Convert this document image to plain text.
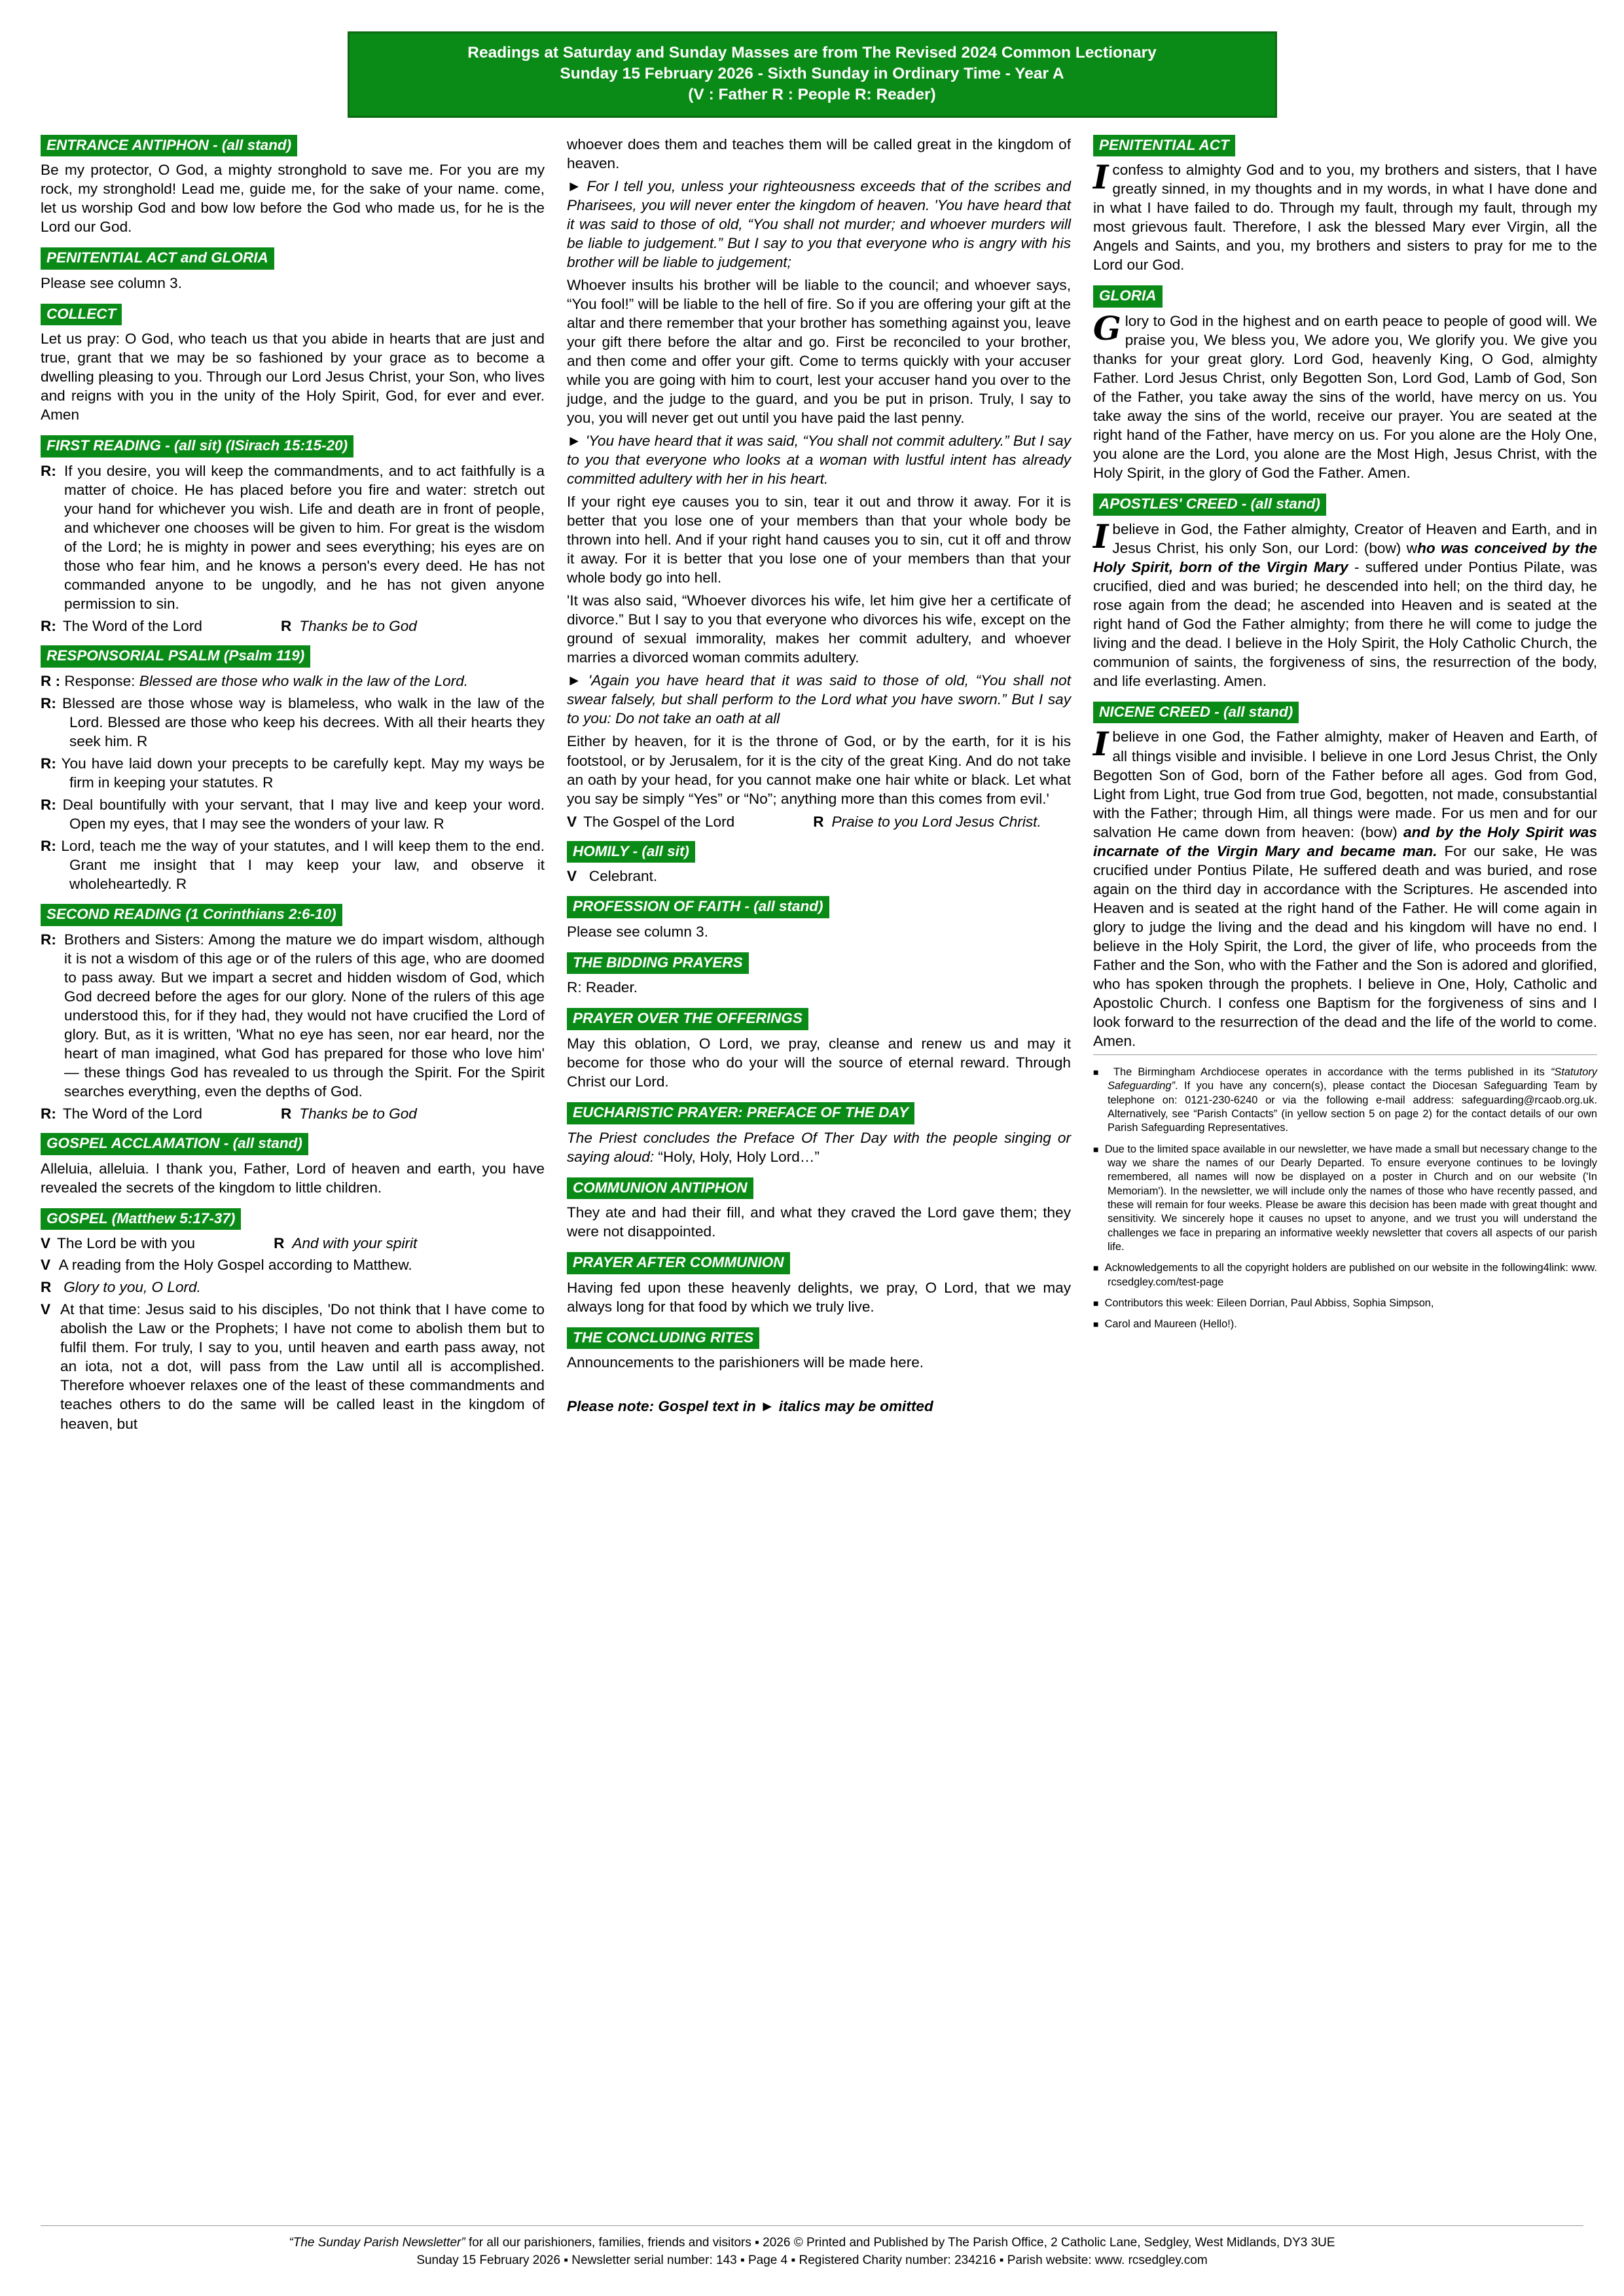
Readings at Saturday and Sunday Masses are from The Revised 2024 Common Lectionary
Sunday 15 February 2026 - Sixth Sunday in Ordinary Time - Year A
(V : Father R : People R: Reader)
ENTRANCE ANTIPHON - (all stand)

Be my protector, O God, a mighty stronghold to save me. For you are my rock, my stronghold! Lead me, guide me, for the sake of your name. come, let us worship God and bow low before the God who made us, for he is the Lord our God.

PENITENTIAL ACT and GLORIA

Please see column 3.

COLLECT

Let us pray: O God, who teach us that you abide in hearts that are just and true, grant that we may be so fashioned by your grace as to become a dwelling pleasing to you. Through our Lord Jesus Christ, your Son, who lives and reigns with you in the unity of the Holy Spirit, God, for ever and ever. Amen

FIRST READING - (all sit) (ISirach 15:15-20)
R: If you desire, you will keep the commandments, and to act faithfully is a matter of choice. He has placed before you fire and water: stretch out your hand for whichever you wish. Life and death are in front of people, and whichever one chooses will be given to him. For great is the wisdom of the Lord; he is mighty in power and sees everything; his eyes are on those who fear him, and he knows a person's every deed. He has not commanded anyone to be ungodly, and he has not given anyone permission to sin.
R: The Word of the Lord	R Thanks be to God
RESPONSORIAL PSALM (Psalm 119)
R : Response: Blessed are those who walk in the law of the Lord.
R: Blessed are those whose way is blameless, who walk in the law of the Lord. Blessed are those who keep his decrees. With all their hearts they seek him. R
R: You have laid down your precepts to be carefully kept. May my ways be firm in keeping your statutes. R
R: Deal bountifully with your servant, that I may live and keep your word. Open my eyes, that I may see the wonders of your law. R
R: Lord, teach me the way of your statutes, and I will keep them to the end. Grant me insight that I may keep your law, and observe it wholeheartedly. R
SECOND READING (1 Corinthians 2:6-10)
R: Brothers and Sisters: Among the mature we do impart wisdom, although it is not a wisdom of this age or of the rulers of this age, who are doomed to pass away. But we impart a secret and hidden wisdom of God, which God decreed before the ages for our glory. None of the rulers of this age understood this, for if they had, they would not have crucified the Lord of glory. But, as it is written, 'What no eye has seen, nor ear heard, nor the heart of man imagined, what God has prepared for those who love him' — these things God has revealed to us through the Spirit. For the Spirit searches everything, even the depths of God.
R: The Word of the Lord	R Thanks be to God
GOSPEL ACCLAMATION - (all stand)

Alleluia, alleluia. I thank you, Father, Lord of heaven and earth, you have revealed the secrets of the kingdom to little children.

GOSPEL (Matthew 5:17-37)
V The Lord be with you	R And with your spirit
V A reading from the Holy Gospel according to Matthew.
R Glory to you, O Lord.
V At that time: Jesus said to his disciples, 'Do not think that I have come to abolish the Law or the Prophets; I have not come to abolish them but to fulfil them. For truly, I say to you, until heaven and earth pass away, not an iota, not a dot, will pass from the Law until all is accomplished. Therefore whoever relaxes one of the least of these commandments and teaches others to do the same will be called least in the kingdom of heaven, but

whoever does them and teaches them will be called great in the kingdom of heaven.

► For I tell you, unless your righteousness exceeds that of the scribes and Pharisees, you will never enter the kingdom of heaven. 'You have heard that it was said to those of old, “You shall not murder; and whoever murders will be liable to judgement.” But I say to you that everyone who is angry with his brother will be liable to judgement;

Whoever insults his brother will be liable to the council; and whoever says, “You fool!” will be liable to the hell of fire. So if you are offering your gift at the altar and there remember that your brother has something against you, leave your gift there before the altar and go. First be reconciled to your brother, and then come and offer your gift. Come to terms quickly with your accuser while you are going with him to court, lest your accuser hand you over to the judge, and the judge to the guard, and you be put in prison. Truly, I say to you, you will never get out until you have paid the last penny.

► 'You have heard that it was said, “You shall not commit adultery.” But I say to you that everyone who looks at a woman with lustful intent has already committed adultery with her in his heart.

If your right eye causes you to sin, tear it out and throw it away. For it is better that you lose one of your members than that your whole body be thrown into hell. And if your right hand causes you to sin, cut it off and throw it away. For it is better that you lose one of your members than that your whole body go into hell.

'It was also said, “Whoever divorces his wife, let him give her a certificate of divorce.” But I say to you that everyone who divorces his wife, except on the ground of sexual immorality, makes her commit adultery, and whoever marries a divorced woman commits adultery.

► 'Again you have heard that it was said to those of old, “You shall not swear falsely, but shall perform to the Lord what you have sworn.” But I say to you: Do not take an oath at all

Either by heaven, for it is the throne of God, or by the earth, for it is his footstool, or by Jerusalem, for it is the city of the great King. And do not take an oath by your head, for you cannot make one hair white or black. Let what you say be simply “Yes” or “No”; anything more than this comes from evil.'

V The Gospel of the Lord	R Praise to you Lord Jesus Christ.
HOMILY - (all sit)
V Celebrant.
PROFESSION OF FAITH - (all stand)

Please see column 3.

THE BIDDING PRAYERS

R: Reader.

PRAYER OVER THE OFFERINGS

May this oblation, O Lord, we pray, cleanse and renew us and may it become for those who do your will the source of eternal reward. Through Christ our Lord.

EUCHARISTIC PRAYER: PREFACE OF THE DAY

The Priest concludes the Preface Of Ther Day with the people singing or saying aloud: “Holy, Holy, Holy Lord…”

COMMUNION ANTIPHON

They ate and had their fill, and what they craved the Lord gave them; they were not disappointed.

PRAYER AFTER COMMUNION

Having fed upon these heavenly delights, we pray, O Lord, that we may always long for that food by which we truly live.

THE CONCLUDING RITES

Announcements to the parishioners will be made here.

Please note: Gospel text in ► italics may be omitted
PENITENTIAL ACT
Iconfess to almighty God and to you, my brothers and sisters, that I have greatly sinned, in my thoughts and in my words, in what I have done and in what I have failed to do. Through my fault, through my fault, through my most grievous fault. Therefore, I ask the blessed Mary ever Virgin, all the Angels and Saints, and you, my brothers and sisters to pray for me to the Lord our God.
GLORIA
Glory to God in the highest and on earth peace to people of good will. We praise you, We bless you, We adore you, We glorify you. We give you thanks for your great glory. Lord God, heavenly King, O God, almighty Father. Lord Jesus Christ, only Begotten Son, Lord God, Lamb of God, Son of the Father, you take away the sins of the world, have mercy on us. You take away the sins of the world, receive our prayer. You are seated at the right hand of the Father, have mercy on us. For you alone are the Holy One, you alone are the Lord, you alone are the Most High, Jesus Christ, with the Holy Spirit, in the glory of God the Father. Amen.
APOSTLES' CREED - (all stand)
Ibelieve in God, the Father almighty, Creator of Heaven and Earth, and in Jesus Christ, his only Son, our Lord: (bow) who was conceived by the Holy Spirit, born of the Virgin Mary - suffered under Pontius Pilate, was crucified, died and was buried; he descended into hell; on the third day, he rose again from the dead; he ascended into Heaven and is seated at the right hand of God the Father almighty; from there he will come to judge the living and the dead. I believe in the Holy Spirit, the Holy Catholic Church, the communion of saints, the forgiveness of sins, the resurrection of the body, and life everlasting. Amen.
NICENE CREED - (all stand)
Ibelieve in one God, the Father almighty, maker of Heaven and Earth, of all things visible and invisible. I believe in one Lord Jesus Christ, the Only Begotten Son of God, born of the Father before all ages. God from God, Light from Light, true God from true God, begotten, not made, consubstantial with the Father; through Him, all things were made. For us men and for our salvation He came down from heaven: (bow) and by the Holy Spirit was incarnate of the Virgin Mary and became man. For our sake, He was crucified under Pontius Pilate, He suffered death and was buried, and rose again on the third day in accordance with the Scriptures. He ascended into Heaven and is seated at the right hand of the Father. He will come again in glory to judge the living and the dead and his kingdom will have no end. I believe in the Holy Spirit, the Lord, the giver of life, who proceeds from the Father and the Son, who with the Father and the Son is adored and glorified, who has spoken through the prophets. I believe in One, Holy, Catholic and Apostolic Church. I confess one Baptism for the forgiveness of sins and I look forward to the resurrection of the dead and the life of the world to come. Amen.
■ The Birmingham Archdiocese operates in accordance with the terms published in its “Statutory Safeguarding”. If you have any concern(s), please contact the Diocesan Safeguarding Team by telephone on: 0121-230-6240 or via the following e-mail address: safeguarding@rcaob.org.uk. Alternatively, see “Parish Contacts” (in yellow section 5 on page 2) for the contact details of our own Parish Safeguarding Representatives.
■ Due to the limited space available in our newsletter, we have made a small but necessary change to the way we share the names of our Dearly Departed. To ensure everyone continues to be lovingly remembered, all names will now be displayed on a poster in Church and on our website ('In Memoriam'). In the newsletter, we will include only the names of those who have recently passed, and these will remain for four weeks. Please be aware this decision has been made with great thought and sensitivity. We sincerely hope it causes no upset to anyone, and we trust you will understand the challenges we face in preparing an informative weekly newsletter that covers all aspects of our parish life.
■ Acknowledgements to all the copyright holders are published on our website in the following4link: www. rcsedgley.com/test-page
■ Contributors this week: Eileen Dorrian, Paul Abbiss, Sophia Simpson,
■ Carol and Maureen (Hello!).
“The Sunday Parish Newsletter” for all our parishioners, families, friends and visitors ▪ 2026 © Printed and Published by The Parish Office, 2 Catholic Lane, Sedgley, West Midlands, DY3 3UE
Sunday 15 February 2026 ▪ Newsletter serial number: 143 ▪ Page 4 ▪ Registered Charity number: 234216 ▪ Parish website: www. rcsedgley.com
